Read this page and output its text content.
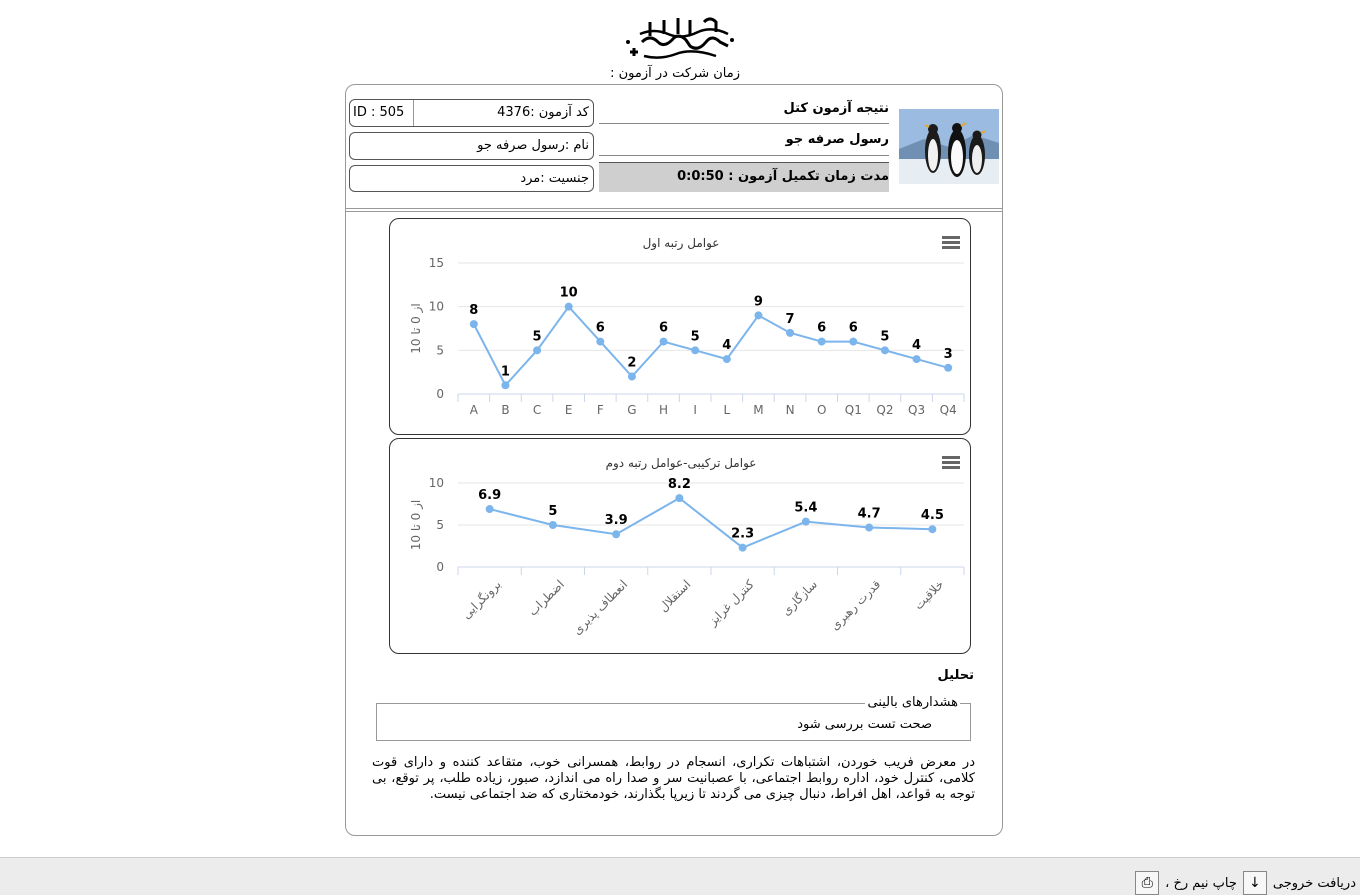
زمان شرکت در آزمون :
نتیجه آزمون کتل
رسول صرفه جو
مدت زمان تکمیل آزمون : 0:0:50
کد آزمون :4376
ID : 505
نام :رسول صرفه جو
جنسیت :مرد
عوامل رتبه اول
0
5
10
15
از 0 تا 10
A B C E F G H I L M N O Q1 Q2 Q3 Q4
8
1
5
10
6
2
6
5
4
9
7
6 6
5
4
3
عوامل ترکیبی-عوامل رتبه دوم
0
5
10
از 0 تا 10
برونگرایی اضطراب انعطاف پذیری استقلال کنترل غرایز سازگاری قدرت رهبری خلاقیت
6.9
5
3.9
8.2
2.3
5.4	4.7	4.5
تحلیل
هشدارهای بالینی
صحت تست بررسی شود
در معرض فریب خوردن، اشتباهات تکراری، انسجام در روابط، همسرانی خوب، متقاعد کننده و دارای قوت کلامی، کنترل خود، اداره روابط اجتماعی، با عصبانیت سر و صدا راه می اندازد، صبور، زیاده طلب، پر توقع، بی توجه به قواعد، اهل افراط، دنبال چیزی می گردند تا زیرپا بگذارند، خودمختاری که ضد اجتماعی نیست.
⎙ چاپ نیم رخ ، ↓ دریافت خروجی
